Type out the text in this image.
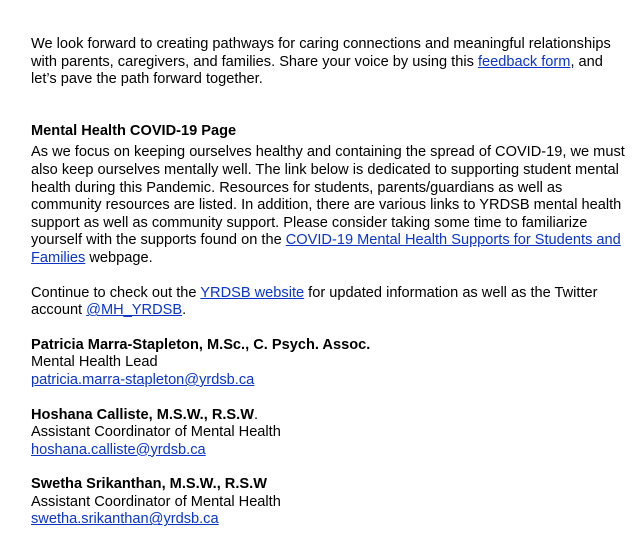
We look forward to creating pathways for caring connections and meaningful relationships with parents, caregivers, and families. Share your voice by using this feedback form, and let’s pave the path forward together.

Mental Health COVID-19 Page

As we focus on keeping ourselves healthy and containing the spread of COVID-19, we must also keep ourselves mentally well. The link below is dedicated to supporting student mental health during this Pandemic. Resources for students, parents/guardians as well as community resources are listed. In addition, there are various links to YRDSB mental health support as well as community support. Please consider taking some time to familiarize yourself with the supports found on the COVID-19 Mental Health Supports for Students and Families webpage.

Continue to check out the YRDSB website for updated information as well as the Twitter account @MH_YRDSB.

Patricia Marra-Stapleton, M.Sc., C. Psych. Assoc.
Mental Health Lead
patricia.marra-stapleton@yrdsb.ca
Hoshana Calliste, M.S.W., R.S.W.
Assistant Coordinator of Mental Health
hoshana.calliste@yrdsb.ca
Swetha Srikanthan, M.S.W., R.S.W
Assistant Coordinator of Mental Health
swetha.srikanthan@yrdsb.ca
